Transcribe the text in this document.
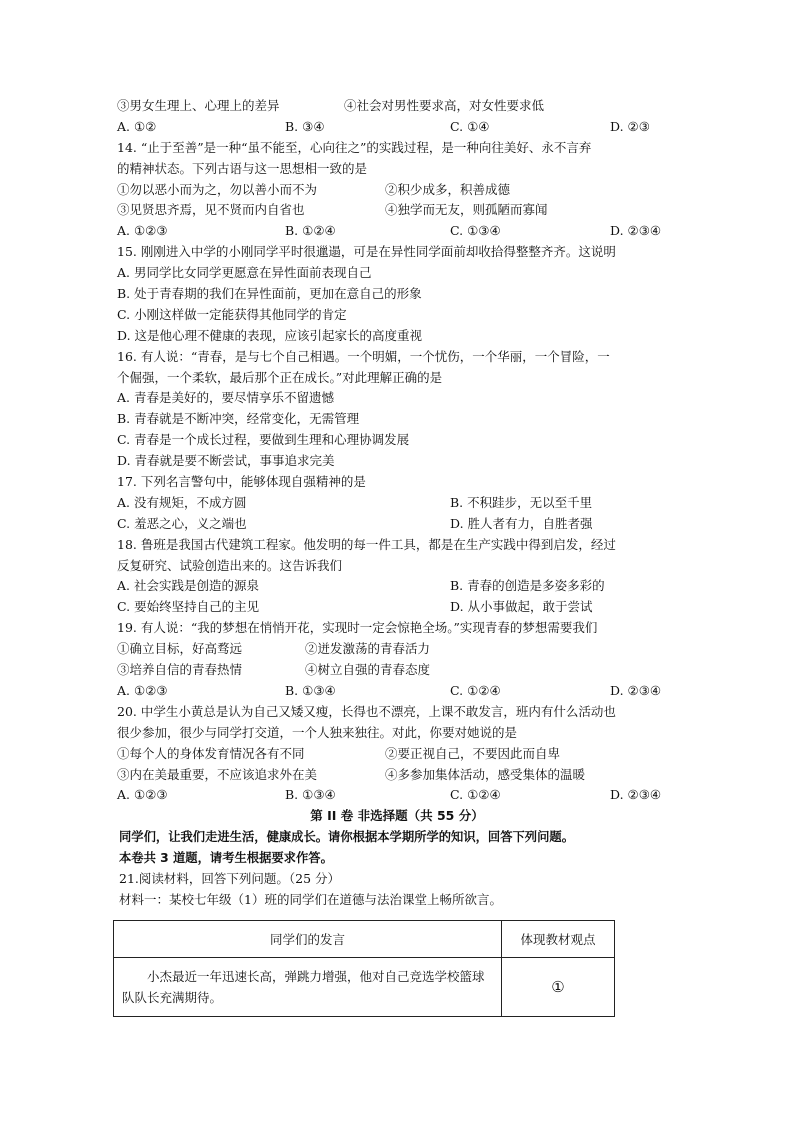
③男女生理上、心理上的差异	④社会对男性要求高，对女性要求低
A. ①②	B. ③④	C. ①④	D. ②③
14. “止于至善”是一种“虽不能至，心向往之”的实践过程，是一种向往美好、永不言弃
的精神状态。下列古语与这一思想相一致的是
①勿以恶小而为之，勿以善小而不为	②积少成多，积善成德
③见贤思齐焉，见不贤而内自省也	④独学而无友，则孤陋而寡闻
A. ①②③	B. ①②④	C. ①③④	D. ②③④
15. 刚刚进入中学的小刚同学平时很邋遢，可是在异性同学面前却收拾得整整齐齐。这说明
A. 男同学比女同学更愿意在异性面前表现自己
B. 处于青春期的我们在异性面前，更加在意自己的形象
C. 小刚这样做一定能获得其他同学的肯定
D. 这是他心理不健康的表现，应该引起家长的高度重视
16. 有人说：“青春，是与七个自己相遇。一个明媚，一个忧伤，一个华丽，一个冒险，一
个倔强，一个柔软，最后那个正在成长。”对此理解正确的是
A. 青春是美好的，要尽情享乐不留遗憾
B. 青春就是不断冲突，经常变化，无需管理
C. 青春是一个成长过程，要做到生理和心理协调发展
D. 青春就是要不断尝试，事事追求完美
17. 下列名言警句中，能够体现自强精神的是
A. 没有规矩，不成方圆	B. 不积跬步，无以至千里
C. 羞恶之心，义之端也	D. 胜人者有力，自胜者强
18. 鲁班是我国古代建筑工程家。他发明的每一件工具，都是在生产实践中得到启发，经过
反复研究、试验创造出来的。这告诉我们
A. 社会实践是创造的源泉	B. 青春的创造是多姿多彩的
C. 要始终坚持自己的主见	D. 从小事做起，敢于尝试
19. 有人说：“我的梦想在悄悄开花，实现时一定会惊艳全场。”实现青春的梦想需要我们
①确立目标，好高骛远	②迸发激荡的青春活力
③培养自信的青春热情	④树立自强的青春态度
A. ①②③	B. ①③④	C. ①②④	D. ②③④
20. 中学生小黄总是认为自己又矮又瘦，长得也不漂亮，上课不敢发言，班内有什么活动也
很少参加，很少与同学打交道，一个人独来独往。对此，你要对她说的是
①每个人的身体发育情况各有不同	②要正视自己，不要因此而自卑
③内在美最重要，不应该追求外在美	④多参加集体活动，感受集体的温暖
A. ①②③	B. ①③④	C. ①②④	D. ②③④
第 II 卷 非选择题（共 55 分）
同学们，让我们走进生活，健康成长。请你根据本学期所学的知识，回答下列问题。
本卷共 3 道题，请考生根据要求作答。
21.阅读材料，回答下列问题。（25 分）
材料一：某校七年级（1）班的同学们在道德与法治课堂上畅所欲言。
同学们的发言	体现教材观点
小杰最近一年迅速长高，弹跳力增强，他对自己竞选学校篮球队队长充满期待。	①
